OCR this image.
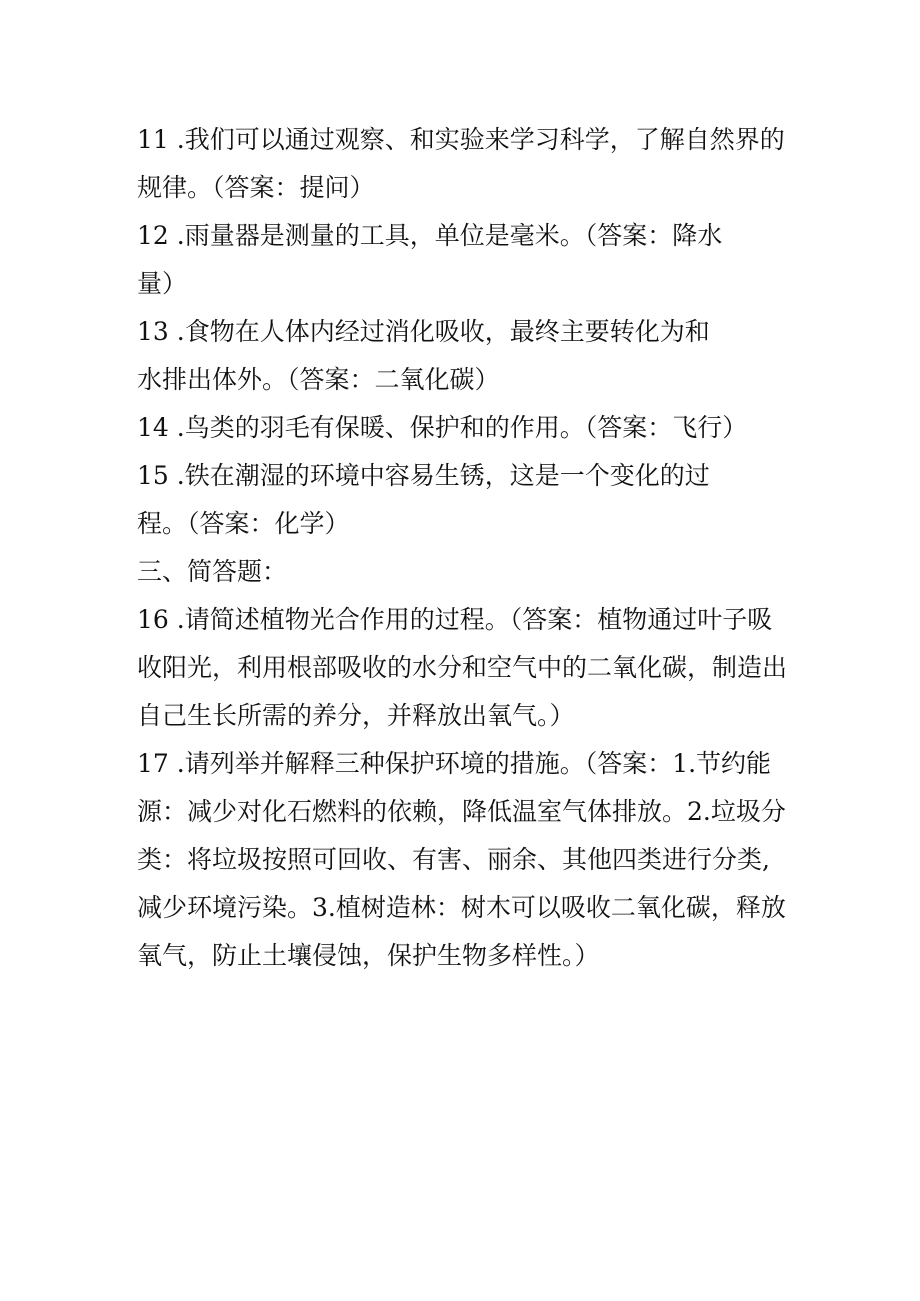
11 .我们可以通过观察、和实验来学习科学，了解自然界的
规律。（答案：提问）
12 .雨量器是测量的工具，单位是毫米。（答案：降水
量）
13 .食物在人体内经过消化吸收，最终主要转化为和
水排出体外。（答案：二氧化碳）
14 .鸟类的羽毛有保暖、保护和的作用。（答案：飞行）
15 .铁在潮湿的环境中容易生锈，这是一个变化的过
程。（答案：化学）
三、简答题：
16 .请简述植物光合作用的过程。（答案：植物通过叶子吸
收阳光，利用根部吸收的水分和空气中的二氧化碳，制造出
自己生长所需的养分，并释放出氧气。）
17 .请列举并解释三种保护环境的措施。（答案：1.节约能
源：减少对化石燃料的依赖，降低温室气体排放。2.垃圾分
类：将垃圾按照可回收、有害、丽余、其他四类进行分类,
减少环境污染。3.植树造林：树木可以吸收二氧化碳，释放
氧气，防止土壤侵蚀，保护生物多样性。）
